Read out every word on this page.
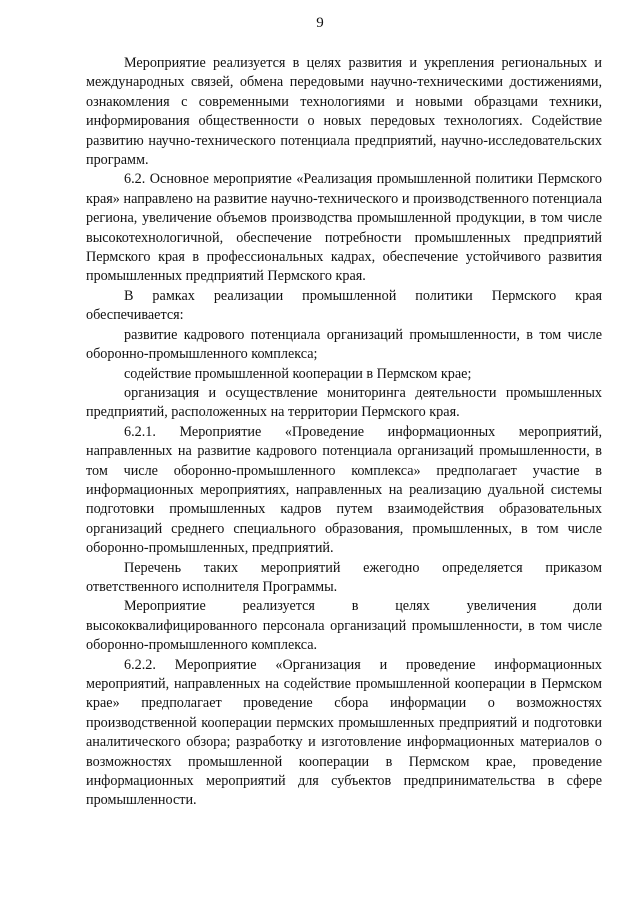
9

Мероприятие реализуется в целях развития и укрепления региональных и международных связей, обмена передовыми научно-техническими достижениями, ознакомления с современными технологиями и новыми образцами техники, информирования общественности о новых передовых технологиях. Содействие развитию научно-технического потенциала предприятий, научно-исследовательских программ.

6.2. Основное мероприятие «Реализация промышленной политики Пермского края» направлено на развитие научно-технического и производственного потенциала региона, увеличение объемов производства промышленной продукции, в том числе высокотехнологичной, обеспечение потребности промышленных предприятий Пермского края в профессиональных кадрах, обеспечение устойчивого развития промышленных предприятий Пермского края.

В рамках реализации промышленной политики Пермского края обеспечивается:

развитие кадрового потенциала организаций промышленности, в том числе оборонно-промышленного комплекса;

содействие промышленной кооперации в Пермском крае;

организация и осуществление мониторинга деятельности промышленных предприятий, расположенных на территории Пермского края.

6.2.1. Мероприятие «Проведение информационных мероприятий, направленных на развитие кадрового потенциала организаций промышленности, в том числе оборонно-промышленного комплекса» предполагает участие в информационных мероприятиях, направленных на реализацию дуальной системы подготовки промышленных кадров путем взаимодействия образовательных организаций среднего специального образования, промышленных, в том числе оборонно-промышленных, предприятий.

Перечень таких мероприятий ежегодно определяется приказом ответственного исполнителя Программы.

Мероприятие реализуется в целях увеличения доли высококвалифицированного персонала организаций промышленности, в том числе оборонно-промышленного комплекса.

6.2.2. Мероприятие «Организация и проведение информационных мероприятий, направленных на содействие промышленной кооперации в Пермском крае» предполагает проведение сбора информации о возможностях производственной кооперации пермских промышленных предприятий и подготовки аналитического обзора; разработку и изготовление информационных материалов о возможностях промышленной кооперации в Пермском крае, проведение информационных мероприятий для субъектов предпринимательства в сфере промышленности.
